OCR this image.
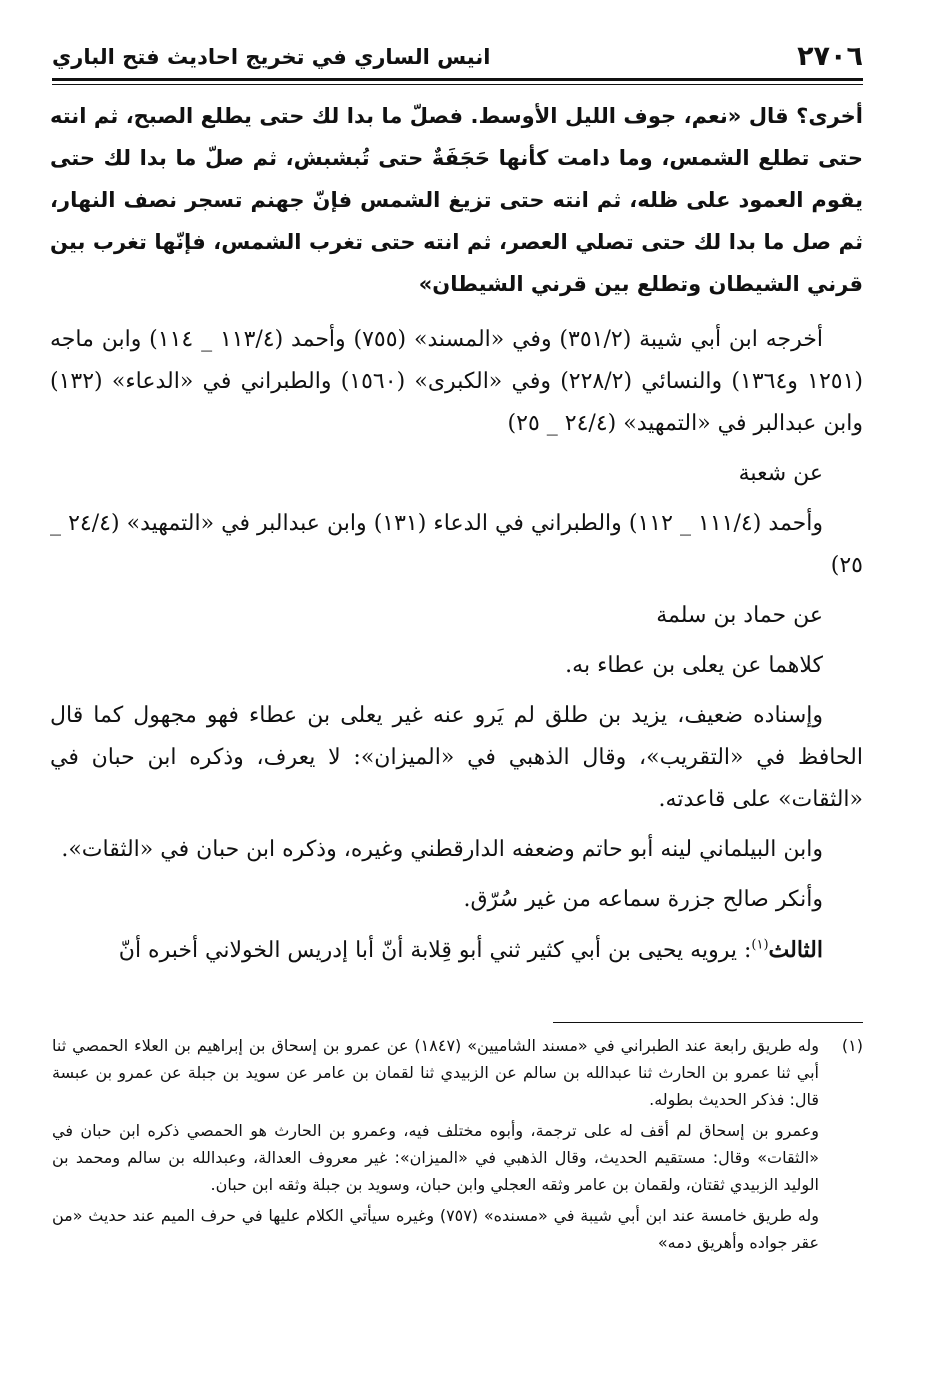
٢٧٠٦
انيس الساري في تخريج احاديث فتح الباري

أخرى؟ قال «نعم، جوف الليل الأوسط. فصلّ ما بدا لك حتى يطلع الصبح، ثم انته حتى تطلع الشمس، وما دامت كأنها حَجَفَةٌ حتى تُبشبش، ثم صلّ ما بدا لك حتى يقوم العمود على ظله، ثم انته حتى تزيغ الشمس فإنّ جهنم تسجر نصف النهار، ثم صل ما بدا لك حتى تصلي العصر، ثم انته حتى تغرب الشمس، فإنّها تغرب بين قرني الشيطان وتطلع بين قرني الشيطان»

أخرجه ابن أبي شيبة (٣٥١/٢) وفي «المسند» (٧٥٥) وأحمد (١١٣/٤ _ ١١٤) وابن ماجه (١٢٥١ و١٣٦٤) والنسائي (٢٢٨/٢) وفي «الكبرى» (١٥٦٠) والطبراني في «الدعاء» (١٣٢) وابن عبدالبر في «التمهيد» (٢٤/٤ _ ٢٥)

عن شعبة

وأحمد (١١١/٤ _ ١١٢) والطبراني في الدعاء (١٣١) وابن عبدالبر في «التمهيد» (٢٤/٤ _ ٢٥)

عن حماد بن سلمة

كلاهما عن يعلى بن عطاء به.

وإسناده ضعيف، يزيد بن طلق لم يَرو عنه غير يعلى بن عطاء فهو مجهول كما قال الحافظ في «التقريب»، وقال الذهبي في «الميزان»: لا يعرف، وذكره ابن حبان في «الثقات» على قاعدته.

وابن البيلماني لينه أبو حاتم وضعفه الدارقطني وغيره، وذكره ابن حبان في «الثقات».

وأنكر صالح جزرة سماعه من غير سُرّق.

الثالث$^{(١)}$: يرويه يحيى بن أبي كثير ثني أبو قِلابة أنّ أبا إدريس الخولاني أخبره أنّ

(١)

وله طريق رابعة عند الطبراني في «مسند الشاميين» (١٨٤٧) عن عمرو بن إسحاق بن إبراهيم بن العلاء الحمصي ثنا أبي ثنا عمرو بن الحارث ثنا عبدالله بن سالم عن الزبيدي ثنا لقمان بن عامر عن سويد بن جبلة عن عمرو بن عبسة قال: فذكر الحديث بطوله.

وعمرو بن إسحاق لم أقف له على ترجمة، وأبوه مختلف فيه، وعمرو بن الحارث هو الحمصي ذكره ابن حبان في «الثقات» وقال: مستقيم الحديث، وقال الذهبي في «الميزان»: غير معروف العدالة، وعبدالله بن سالم ومحمد بن الوليد الزبيدي ثقتان، ولقمان بن عامر وثقه العجلي وابن حبان، وسويد بن جبلة وثقه ابن حبان.

وله طريق خامسة عند ابن أبي شيبة في «مسنده» (٧٥٧) وغيره سيأتي الكلام عليها في حرف الميم عند حديث «من عقر جواده وأهريق دمه»
